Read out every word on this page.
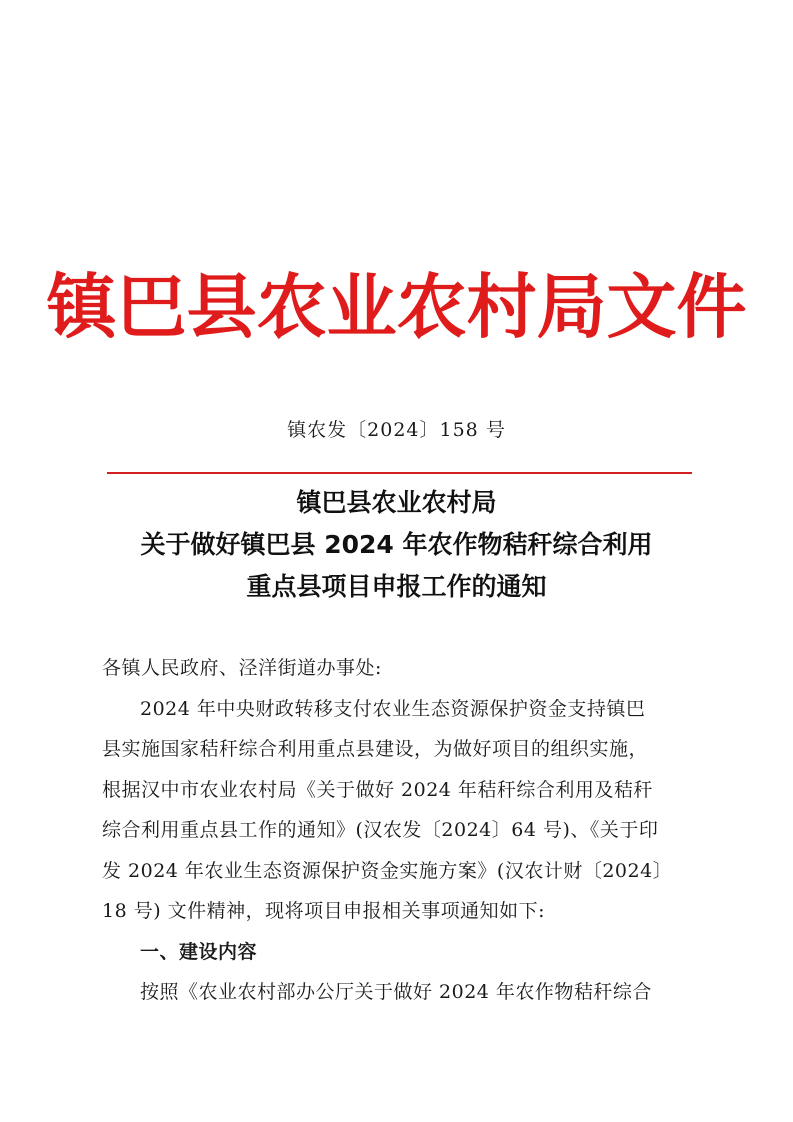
镇巴县农业农村局文件
镇农发〔2024〕158 号
镇巴县农业农村局
关于做好镇巴县 2024 年农作物秸秆综合利用
重点县项目申报工作的通知

各镇人民政府、泾洋街道办事处:

2024 年中央财政转移支付农业生态资源保护资金支持镇巴

县实施国家秸秆综合利用重点县建设，为做好项目的组织实施，

根据汉中市农业农村局《关于做好 2024 年秸秆综合利用及秸秆

综合利用重点县工作的通知》(汉农发〔2024〕64 号)、《关于印

发 2024 年农业生态资源保护资金实施方案》(汉农计财〔2024〕

18 号) 文件精神，现将项目申报相关事项通知如下:

一、建设内容

按照《农业农村部办公厅关于做好 2024 年农作物秸秆综合
